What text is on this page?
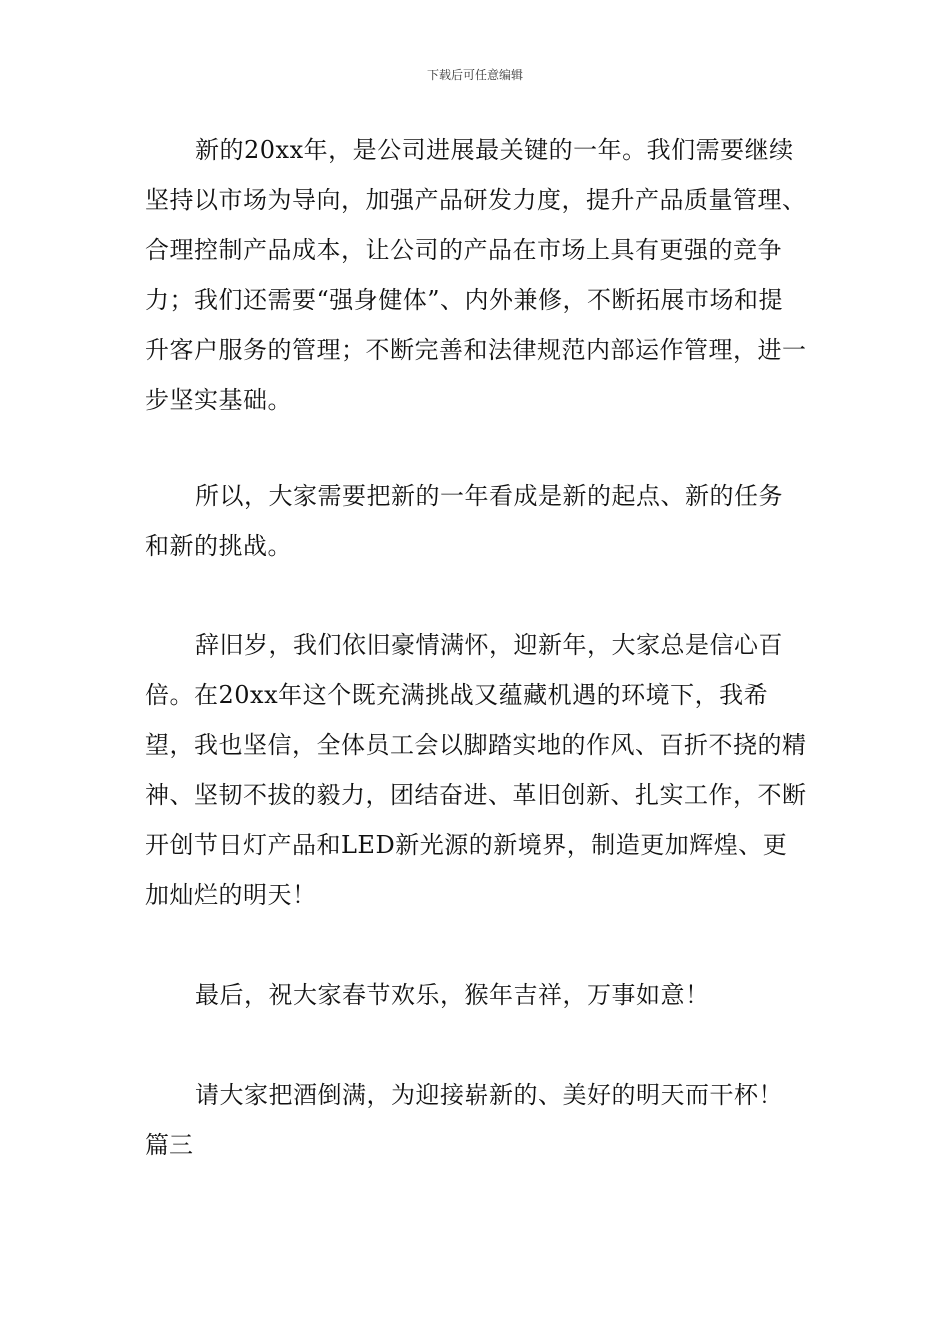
下载后可任意编辑

新的20xx年，是公司进展最关键的一年。我们需要继续坚持以市场为导向，加强产品研发力度，提升产品质量管理、合理控制产品成本，让公司的产品在市场上具有更强的竞争力；我们还需要“强身健体”、内外兼修，不断拓展市场和提升客户服务的管理；不断完善和法律规范内部运作管理，进一步坚实基础。

所以，大家需要把新的一年看成是新的起点、新的任务和新的挑战。

辞旧岁，我们依旧豪情满怀，迎新年，大家总是信心百倍。在20xx年这个既充满挑战又蕴藏机遇的环境下，我希望，我也坚信，全体员工会以脚踏实地的作风、百折不挠的精神、坚韧不拔的毅力，团结奋进、革旧创新、扎实工作，不断开创节日灯产品和LED新光源的新境界，制造更加辉煌、更加灿烂的明天！

最后，祝大家春节欢乐，猴年吉祥，万事如意！

请大家把酒倒满，为迎接崭新的、美好的明天而干杯！

篇三
